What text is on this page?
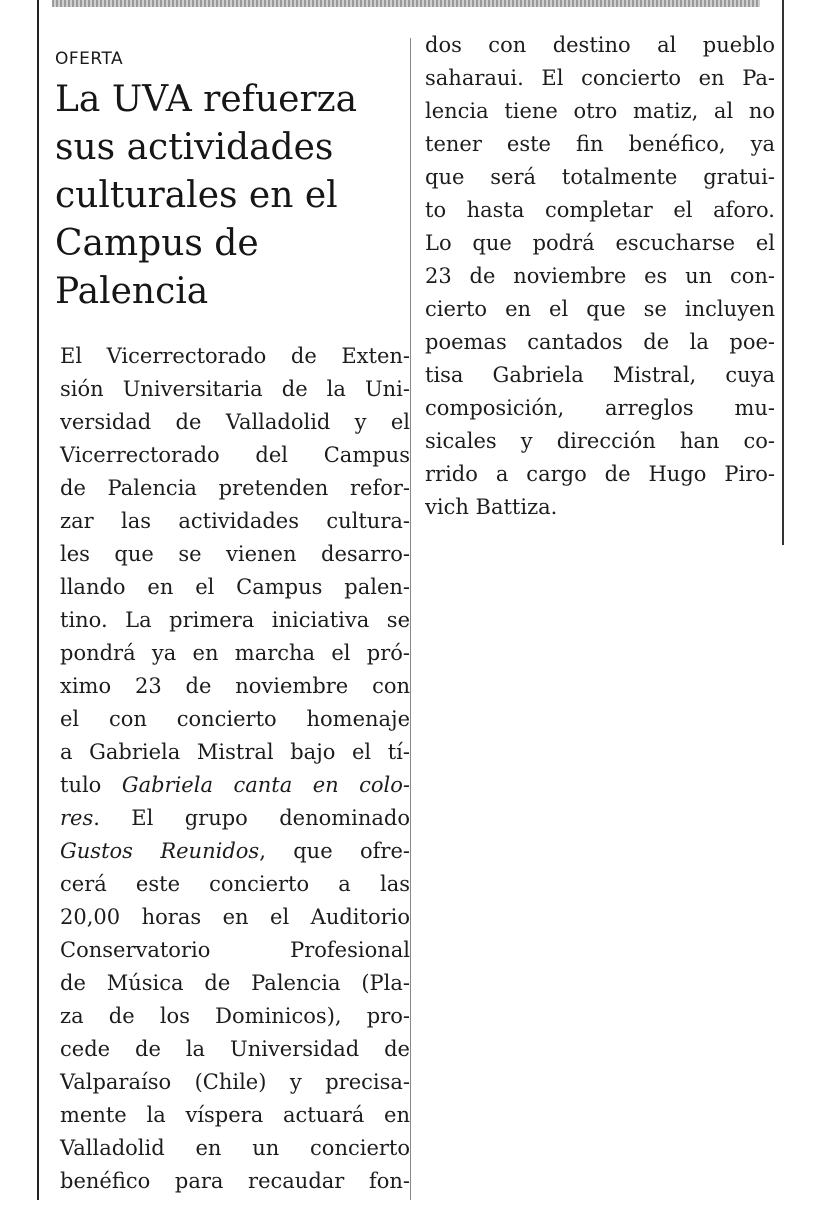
OFERTA

La UVA refuerza
sus actividades
culturales en el
Campus de
Palencia
El Vicerrectorado de Exten-
sión Universitaria de la Uni-
versidad de Valladolid y el
Vicerrectorado del Campus
de Palencia pretenden refor-
zar las actividades cultura-
les que se vienen desarro-
llando en el Campus palen-
tino. La primera iniciativa se
pondrá ya en marcha el pró-
ximo 23 de noviembre con
el con concierto homenaje
a Gabriela Mistral bajo el tí-
tulo Gabriela canta en colo-
res. El grupo denominado
Gustos Reunidos, que ofre-
cerá este concierto a las
20,00 horas en el Auditorio
Conservatorio Profesional
de Música de Palencia (Pla-
za de los Dominicos), pro-
cede de la Universidad de
Valparaíso (Chile) y precisa-
mente la víspera actuará en
Valladolid en un concierto
benéfico para recaudar fon-
dos con destino al pueblo
saharaui. El concierto en Pa-
lencia tiene otro matiz, al no
tener este fin benéfico, ya
que será totalmente gratui-
to hasta completar el aforo.
Lo que podrá escucharse el
23 de noviembre es un con-
cierto en el que se incluyen
poemas cantados de la poe-
tisa Gabriela Mistral, cuya
composición, arreglos mu-
sicales y dirección han co-
rrido a cargo de Hugo Piro-
vich Battiza.
